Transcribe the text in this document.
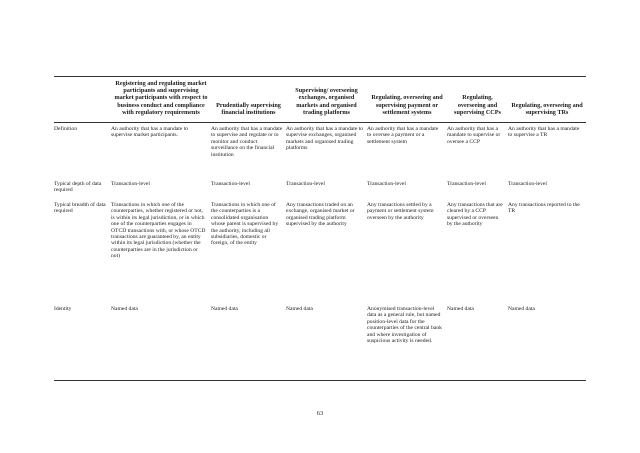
	Registering and regulating market participants and supervising market participants with respect to business conduct and compliance with regulatory requirements	Prudentially supervising financial institutions	Supervising/ overseeing exchanges, organised markets and organised trading platforms	Regulating, overseeing and supervising payment or settlement systems	Regulating, overseeing and supervising CCPs	Regulating, overseeing and supervising TRs
Definition	An authority that has a mandate to supervise market participants.	An authority that has a mandate to supervise and regulate or to monitor and conduct surveillance on the financial institution	An authority that has a mandate to supervise exchanges, organised markets and organised trading platforms	An authority that has a mandate to oversee a payment or a settlement system	An authority that has a mandate to supervise or oversee a CCP	An authority that has a mandate to supervise a TR
Typical depth of data required	Transaction-level	Transaction-level	Transaction-level	Transaction-level	Transaction-level	Transaction-level
Typical breadth of data required	Transactions in which one of the counterparties, whether registered or not, is within its legal jurisdiction, or in which one of the counterparties engages in OTCD transactions with, or whose OTCD transactions are guaranteed by, an entity within its legal jurisdiction (whether the counterparties are in the jurisdiction or not)	Transactions in which one of the counterparties is a consolidated organisation whose parent is supervised by the authority, including all subsidiaries, domestic or foreign, of the entity	Any transactions traded on an exchange, organised market or organised trading platform supervised by the authority	Any transactions settled by a payment or settlement system overseen by the authority	Any transactions that are cleared by a CCP supervised or overseen by the authority	Any transactions reported to the TR
Identity	Named data	Named data	Named data	Anonymised transaction-level data as a general rule, but named position-level data for the counterparties of the central bank and where investigation of suspicious activity is needed.	Named data	Named data
63
